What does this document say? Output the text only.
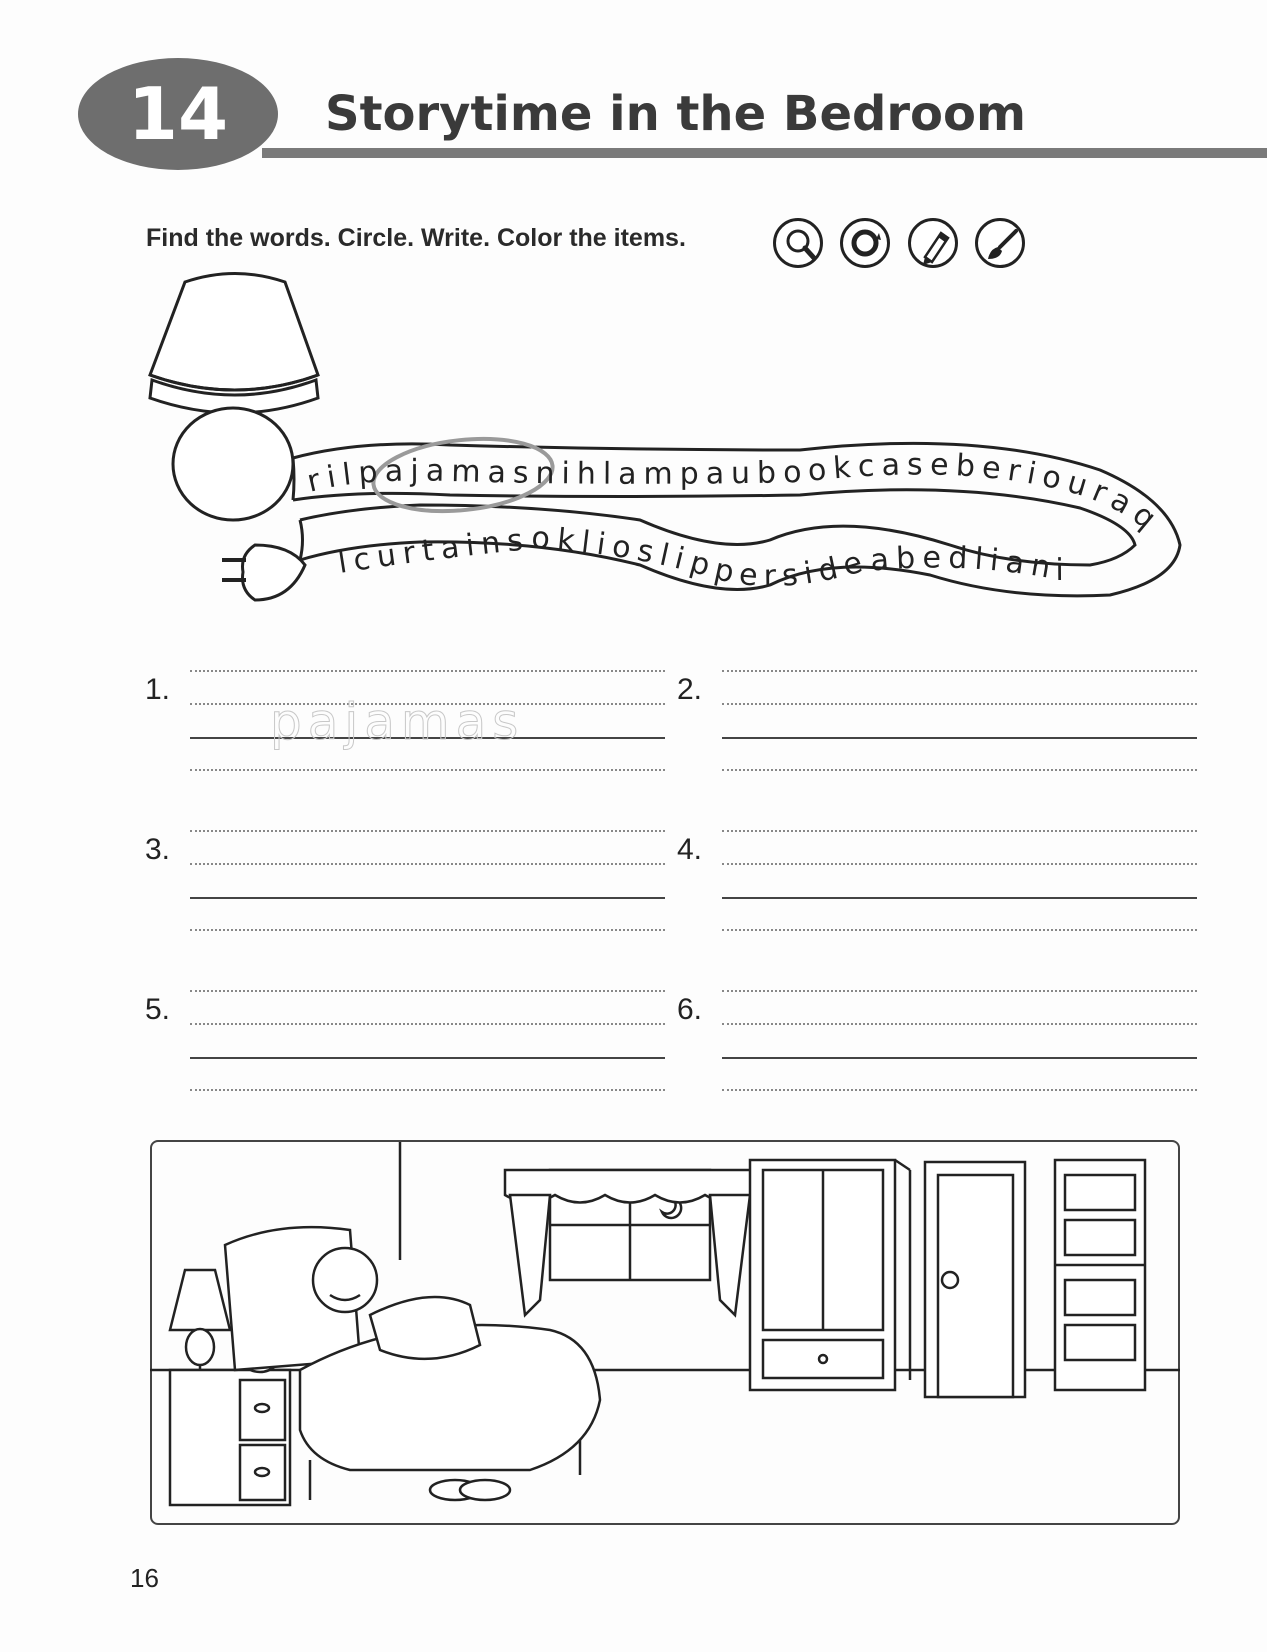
14 Storytime in the Bedroom
Find the words. Circle. Write. Color the items.
rilpajamasnihlampaubookcaseberiouraq
lcurtainsoklioslippersideabedliani
1.
pajamas
2.
3.	4.
5.	6.
16
